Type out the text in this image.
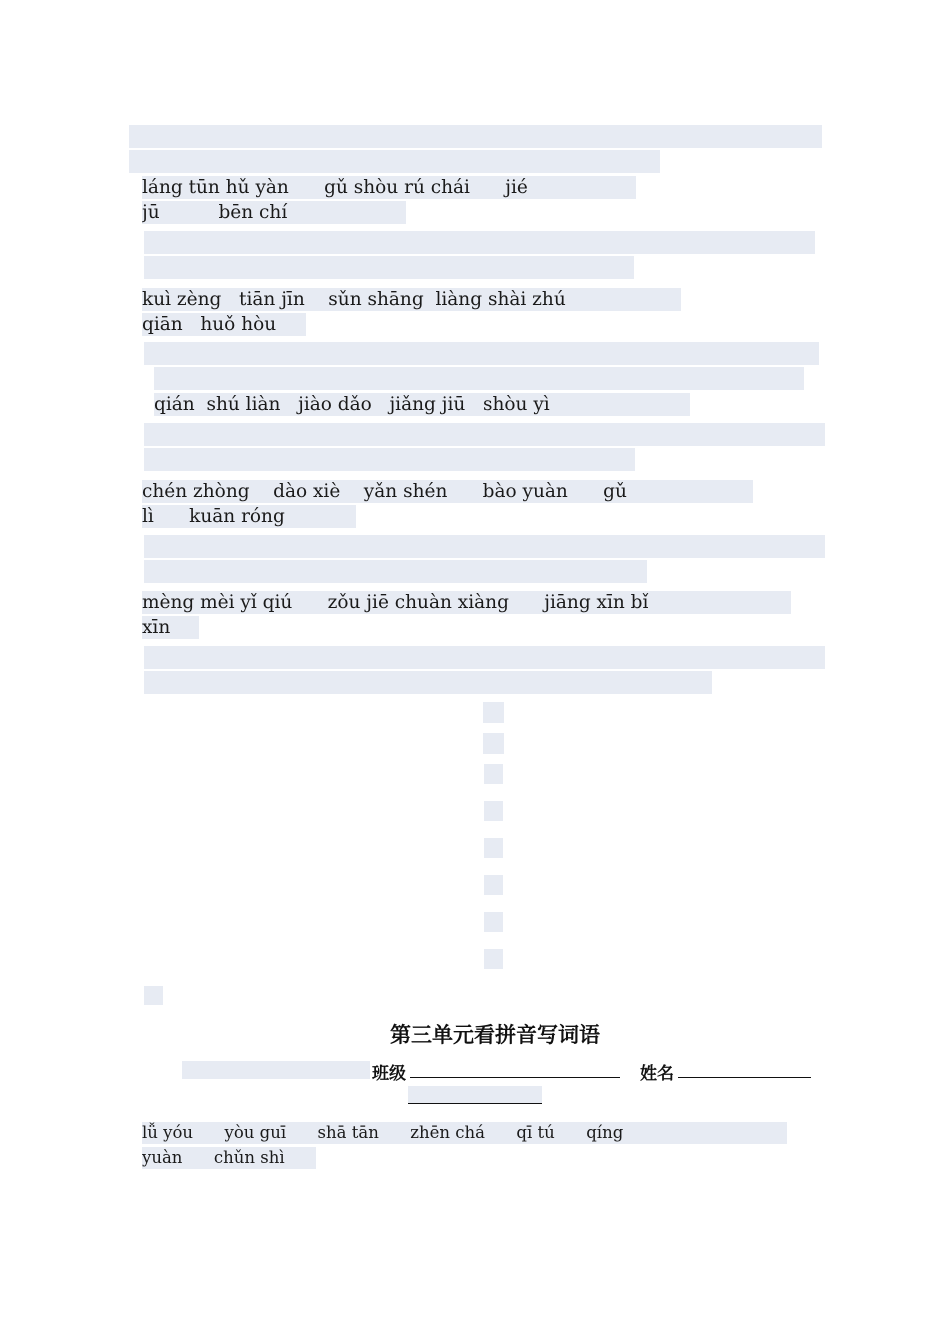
láng tūn hǔ yàn      gǔ shòu rú chái      jié
jū          bēn chí

kuì zèng   tiān jīn    sǔn shāng  liàng shài zhú
qiān   huǒ hòu

qián  shú liàn   jiào dǎo   jiǎng jiū   shòu yì

chén zhòng    dào xiè    yǎn shén      bào yuàn      gǔ
lì      kuān róng

mèng mèi yǐ qiú      zǒu jiē chuàn xiàng      jiāng xīn bǐ
xīn

第三单元看拼音写词语
班级	姓名
lǚ yóu      yòu guī      shā tān      zhēn chá      qī tú      qíng
yuàn      chǔn shì
